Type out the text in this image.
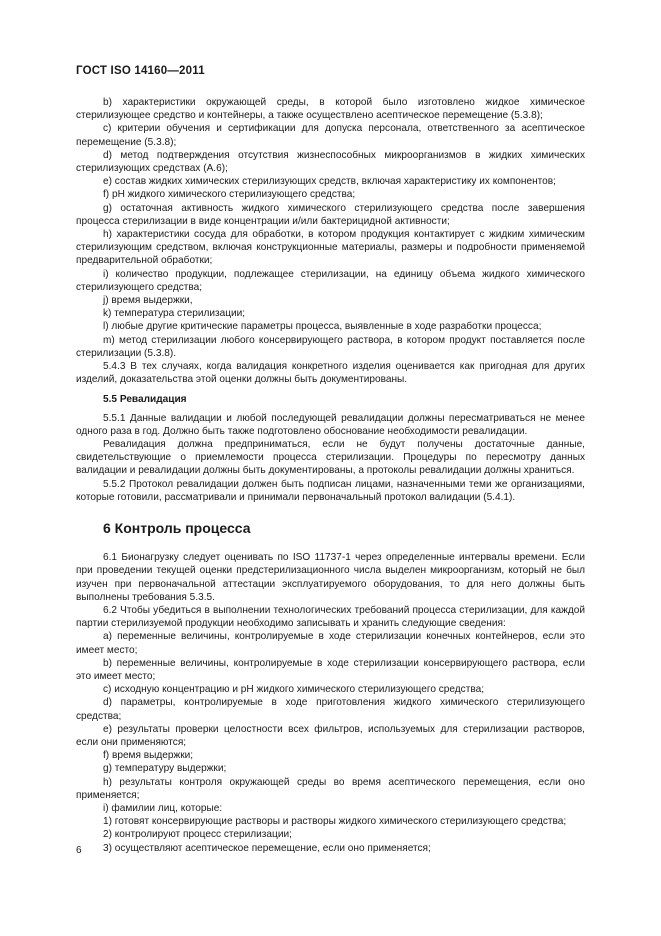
ГОСТ ISO 14160—2011

b) характеристики окружающей среды, в которой было изготовлено жидкое химическое стерилизующее средство и контейнеры, а также осуществлено асептическое перемещение (5.3.8);

c) критерии обучения и сертификации для допуска персонала, ответственного за асептическое перемещение (5.3.8);

d) метод подтверждения отсутствия жизнеспособных микроорганизмов в жидких химических стерилизующих средствах (А.6);

e) состав жидких химических стерилизующих средств, включая характеристику их компонентов;

f) pH жидкого химического стерилизующего средства;

g) остаточная активность жидкого химического стерилизующего средства после завершения процесса стерилизации в виде концентрации и/или бактерицидной активности;

h) характеристики сосуда для обработки, в котором продукция контактирует с жидким химическим стерилизующим средством, включая конструкционные материалы, размеры и подробности применяемой предварительной обработки;

i) количество продукции, подлежащее стерилизации, на единицу объема жидкого химического стерилизующего средства;

j) время выдержки,

k) температура стерилизации;

l) любые другие критические параметры процесса, выявленные в ходе разработки процесса;

m) метод стерилизации любого консервирующего раствора, в котором продукт поставляется после стерилизации (5.3.8).

5.4.3 В тех случаях, когда валидация конкретного изделия оценивается как пригодная для других изделий, доказательства этой оценки должны быть документированы.

5.5 Ревалидация

5.5.1 Данные валидации и любой последующей ревалидации должны пересматриваться не менее одного раза в год. Должно быть также подготовлено обоснование необходимости ревалидации.

Ревалидация должна предприниматься, если не будут получены достаточные данные, свидетельствующие о приемлемости процесса стерилизации. Процедуры по пересмотру данных валидации и ревалидации должны быть документированы, а протоколы ревалидации должны храниться.

5.5.2 Протокол ревалидации должен быть подписан лицами, назначенными теми же организациями, которые готовили, рассматривали и принимали первоначальный протокол валидации (5.4.1).

6 Контроль процесса

6.1 Бионагрузку следует оценивать по ISO 11737-1 через определенные интервалы времени. Если при проведении текущей оценки предстерилизационного числа выделен микроорганизм, который не был изучен при первоначальной аттестации эксплуатируемого оборудования, то для него должны быть выполнены требования 5.3.5.

6.2 Чтобы убедиться в выполнении технологических требований процесса стерилизации, для каждой партии стерилизуемой продукции необходимо записывать и хранить следующие сведения:

a) переменные величины, контролируемые в ходе стерилизации конечных контейнеров, если это имеет место;

b) переменные величины, контролируемые в ходе стерилизации консервирующего раствора, если это имеет место;

c) исходную концентрацию и pH жидкого химического стерилизующего средства;

d) параметры, контролируемые в ходе приготовления жидкого химического стерилизующего средства;

e) результаты проверки целостности всех фильтров, используемых для стерилизации растворов, если они применяются;

f) время выдержки;

g) температуру выдержки;

h) результаты контроля окружающей среды во время асептического перемещения, если оно применяется;

i) фамилии лиц, которые:

1) готовят консервирующие растворы и растворы жидкого химического стерилизующего средства;

2) контролируют процесс стерилизации;

3) осуществляют асептическое перемещение, если оно применяется;

6
